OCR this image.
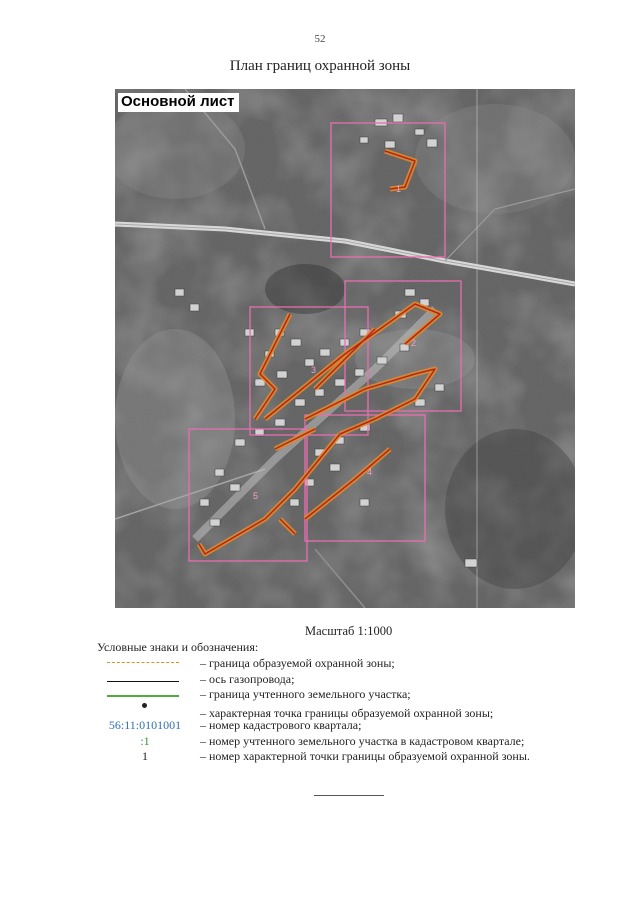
52
План границ охранной зоны
1
2
3
4
5
Основной лист
Масштаб 1:1000
Условные знаки и обозначения:
– граница образуемой охранной зоны;
– ось газопровода;
– граница учтенного земельного участка;
– характерная точка границы образуемой охранной зоны;
56:11:0101001	– номер кадастрового квартала;
:1	– номер учтенного земельного участка в кадастровом квартале;
1	– номер характерной точки границы образуемой охранной зоны.
